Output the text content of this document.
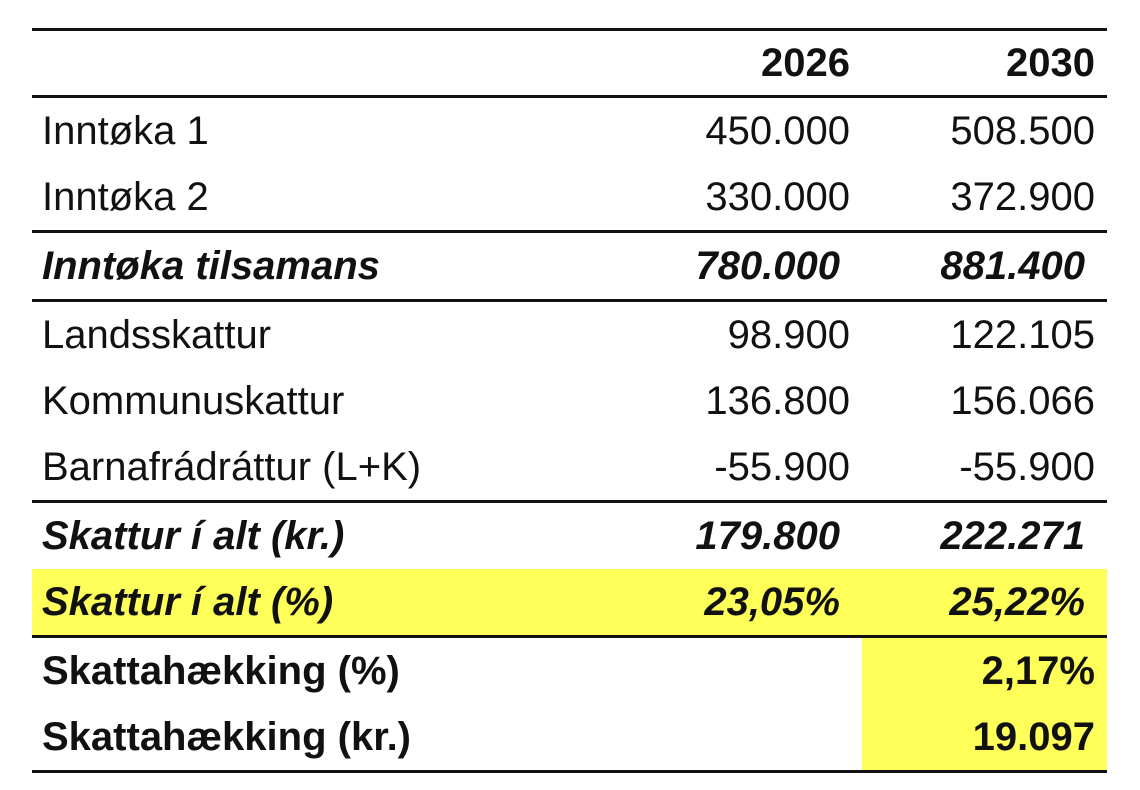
	2026	2030
Inntøka 1	450.000	508.500
Inntøka 2	330.000	372.900
Inntøka tilsamans	780.000	881.400
Landsskattur	98.900	122.105
Kommunuskattur	136.800	156.066
Barnafrádráttur (L+K)	-55.900	-55.900
Skattur í alt (kr.)	179.800	222.271
Skattur í alt (%)	23,05%	25,22%
Skattahækking (%)		2,17%
Skattahækking (kr.)		19.097
